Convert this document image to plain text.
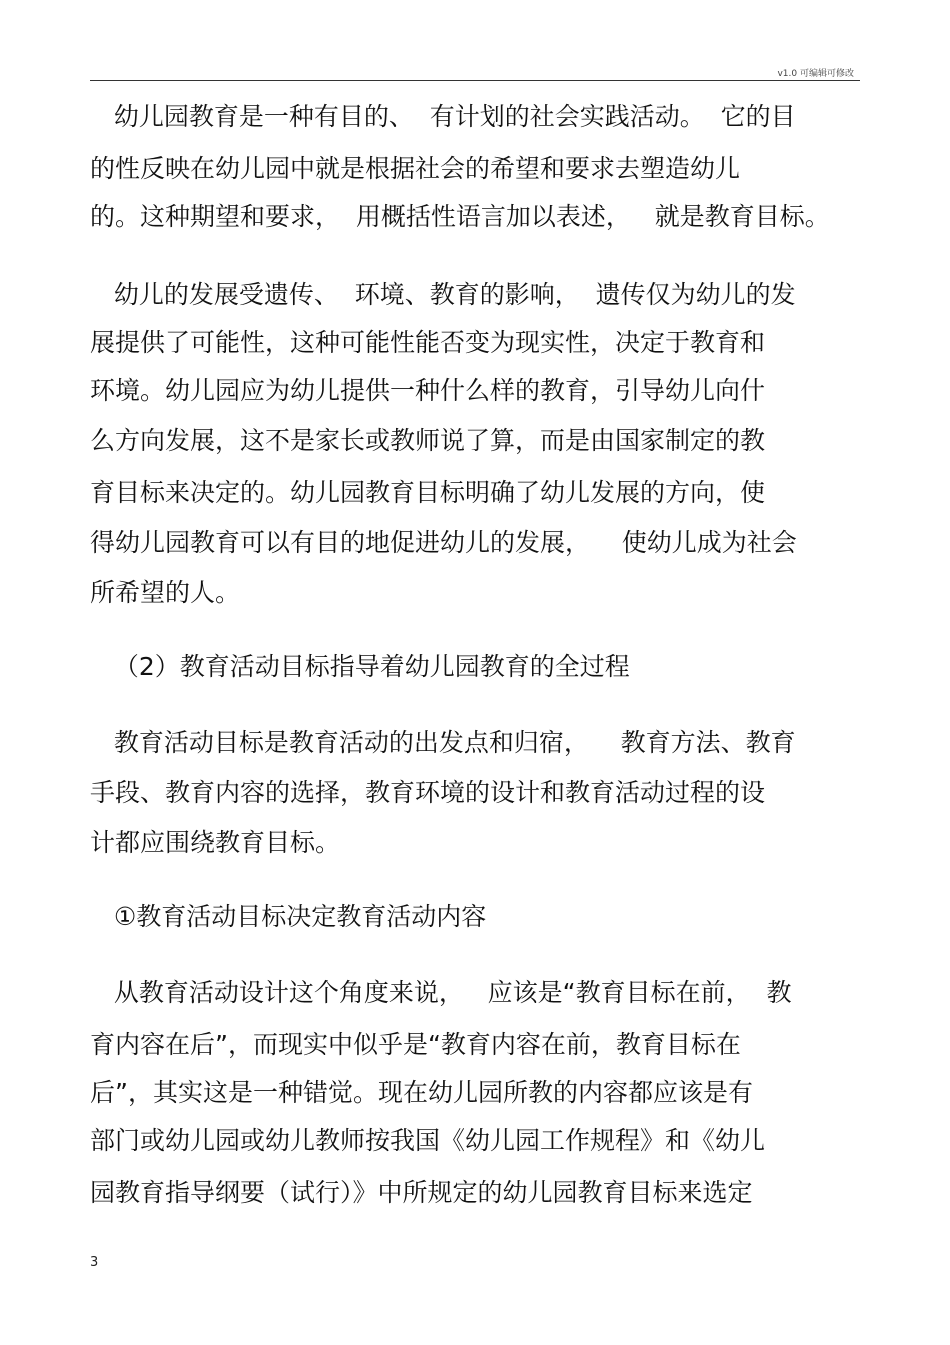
v1.0 可编辑可修改
幼儿园教育是一种有目的、  有计划的社会实践活动。  它的目
的性反映在幼儿园中就是根据社会的希望和要求去塑造幼儿
的。这种期望和要求，  用概括性语言加以表述，   就是教育目标。
幼儿的发展受遗传、  环境、教育的影响，  遗传仅为幼儿的发
展提供了可能性，这种可能性能否变为现实性，决定于教育和
环境。幼儿园应为幼儿提供一种什么样的教育，引导幼儿向什
么方向发展，这不是家长或教师说了算，而是由国家制定的教
育目标来决定的。幼儿园教育目标明确了幼儿发展的方向，使
得幼儿园教育可以有目的地促进幼儿的发展，    使幼儿成为社会
所希望的人。
（2）教育活动目标指导着幼儿园教育的全过程
教育活动目标是教育活动的出发点和归宿，    教育方法、教育
手段、教育内容的选择，教育环境的设计和教育活动过程的设
计都应围绕教育目标。
①教育活动目标决定教育活动内容
从教育活动设计这个角度来说，   应该是“教育目标在前，  教
育内容在后”，而现实中似乎是“教育内容在前，教育目标在
后”，其实这是一种错觉。现在幼儿园所教的内容都应该是有
部门或幼儿园或幼儿教师按我国《幼儿园工作规程》和《幼儿
园教育指导纲要（试行）》中所规定的幼儿园教育目标来选定
3
